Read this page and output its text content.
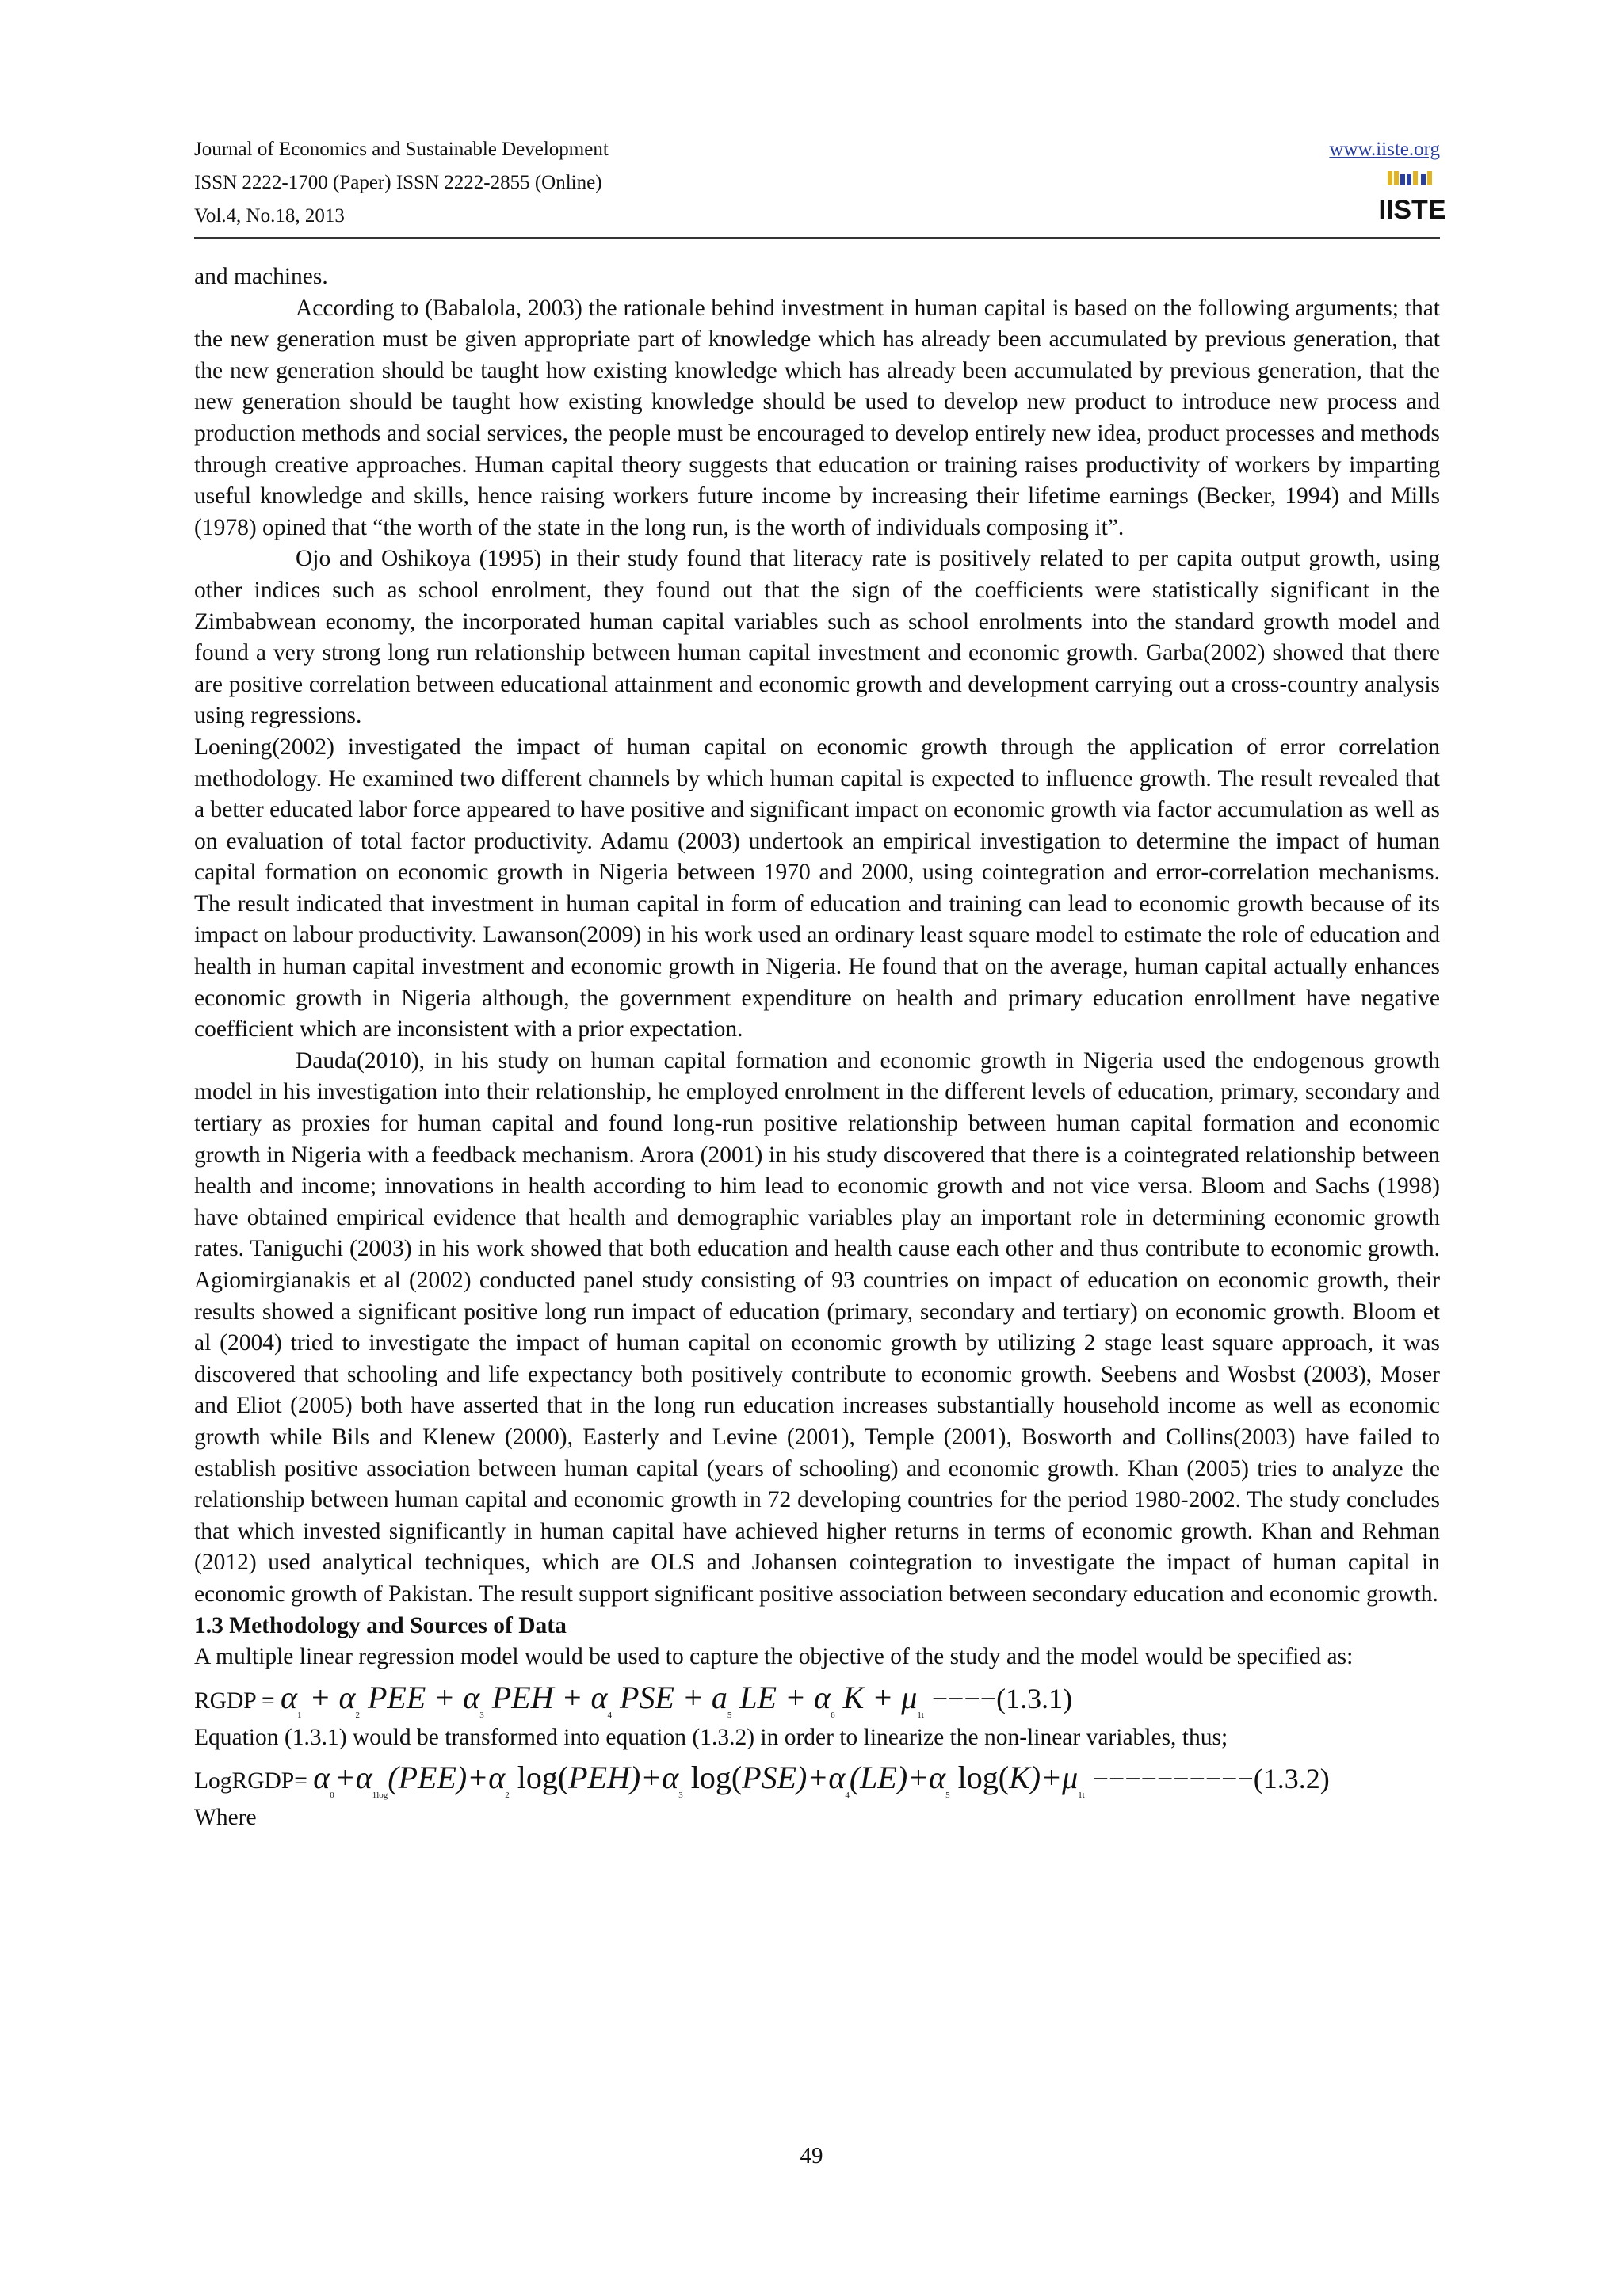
Journal of Economics and Sustainable Development
ISSN 2222-1700 (Paper) ISSN 2222-2855 (Online)
Vol.4, No.18, 2013
www.iiste.org
IISTE

and machines.

According to (Babalola, 2003) the rationale behind investment in human capital is based on the following arguments; that the new generation must be given appropriate part of knowledge which has already been accumulated by previous generation, that the new generation should be taught how existing knowledge which has already been accumulated by previous generation, that the new generation should be taught how existing knowledge should be used to develop new product to introduce new process and production methods and social services, the people must be encouraged to develop entirely new idea, product processes and methods through creative approaches. Human capital theory suggests that education or training raises productivity of workers by imparting useful knowledge and skills, hence raising workers future income by increasing their lifetime earnings (Becker, 1994) and Mills (1978) opined that “the worth of the state in the long run, is the worth of individuals composing it”.

Ojo and Oshikoya (1995) in their study found that literacy rate is positively related to per capita output growth, using other indices such as school enrolment, they found out that the sign of the coefficients were statistically significant in the Zimbabwean economy, the incorporated human capital variables such as school enrolments into the standard growth model and found a very strong long run relationship between human capital investment and economic growth. Garba(2002) showed that there are positive correlation between educational attainment and economic growth and development carrying out a cross-country analysis using regressions.

Loening(2002) investigated the impact of human capital on economic growth through the application of error correlation methodology. He examined two different channels by which human capital is expected to influence growth. The result revealed that a better educated labor force appeared to have positive and significant impact on economic growth via factor accumulation as well as on evaluation of total factor productivity. Adamu (2003) undertook an empirical investigation to determine the impact of human capital formation on economic growth in Nigeria between 1970 and 2000, using cointegration and error-correlation mechanisms. The result indicated that investment in human capital in form of education and training can lead to economic growth because of its impact on labour productivity. Lawanson(2009) in his work used an ordinary least square model to estimate the role of education and health in human capital investment and economic growth in Nigeria. He found that on the average, human capital actually enhances economic growth in Nigeria although, the government expenditure on health and primary education enrollment have negative coefficient which are inconsistent with a prior expectation.

Dauda(2010), in his study on human capital formation and economic growth in Nigeria used the endogenous growth model in his investigation into their relationship, he employed enrolment in the different levels of education, primary, secondary and tertiary as proxies for human capital and found long-run positive relationship between human capital formation and economic growth in Nigeria with a feedback mechanism. Arora (2001) in his study discovered that there is a cointegrated relationship between health and income; innovations in health according to him lead to economic growth and not vice versa. Bloom and Sachs (1998) have obtained empirical evidence that health and demographic variables play an important role in determining economic growth rates. Taniguchi (2003) in his work showed that both education and health cause each other and thus contribute to economic growth. Agiomirgianakis et al (2002) conducted panel study consisting of 93 countries on impact of education on economic growth, their results showed a significant positive long run impact of education (primary, secondary and tertiary) on economic growth. Bloom et al (2004) tried to investigate the impact of human capital on economic growth by utilizing 2 stage least square approach, it was discovered that schooling and life expectancy both positively contribute to economic growth. Seebens and Wosbst (2003), Moser and Eliot (2005) both have asserted that in the long run education increases substantially household income as well as economic growth while Bils and Klenew (2000), Easterly and Levine (2001), Temple (2001), Bosworth and Collins(2003) have failed to establish positive association between human capital (years of schooling) and economic growth. Khan (2005) tries to analyze the relationship between human capital and economic growth in 72 developing countries for the period 1980-2002. The study concludes that which invested significantly in human capital have achieved higher returns in terms of economic growth. Khan and Rehman (2012) used analytical techniques, which are OLS and Johansen cointegration to investigate the impact of human capital in economic growth of Pakistan. The result support significant positive association between secondary education and economic growth.

1.3 Methodology and Sources of Data

A multiple linear regression model would be used to capture the objective of the study and the model would be specified as:

RGDP = $\alpha_1 + \alpha_2$ PEE + $\alpha_3$ PEH + $\alpha_4$ PSE + $a_5$ LE + $\alpha_6$ $K + \mu_{1t} ----(1.3.1)$

Equation (1.3.1) would be transformed into equation (1.3.2) in order to linearize the non-linear variables, thus;

LogRGDP= $\alpha_0+\alpha_{1log}(PEE)+\alpha_2$ $\log(PEH)+\alpha_3$ $\log(PSE)+\alpha_4(LE)+\alpha_5$ $\log(K)+\mu_{1t} ----------(1.3.2)$

Where

49
